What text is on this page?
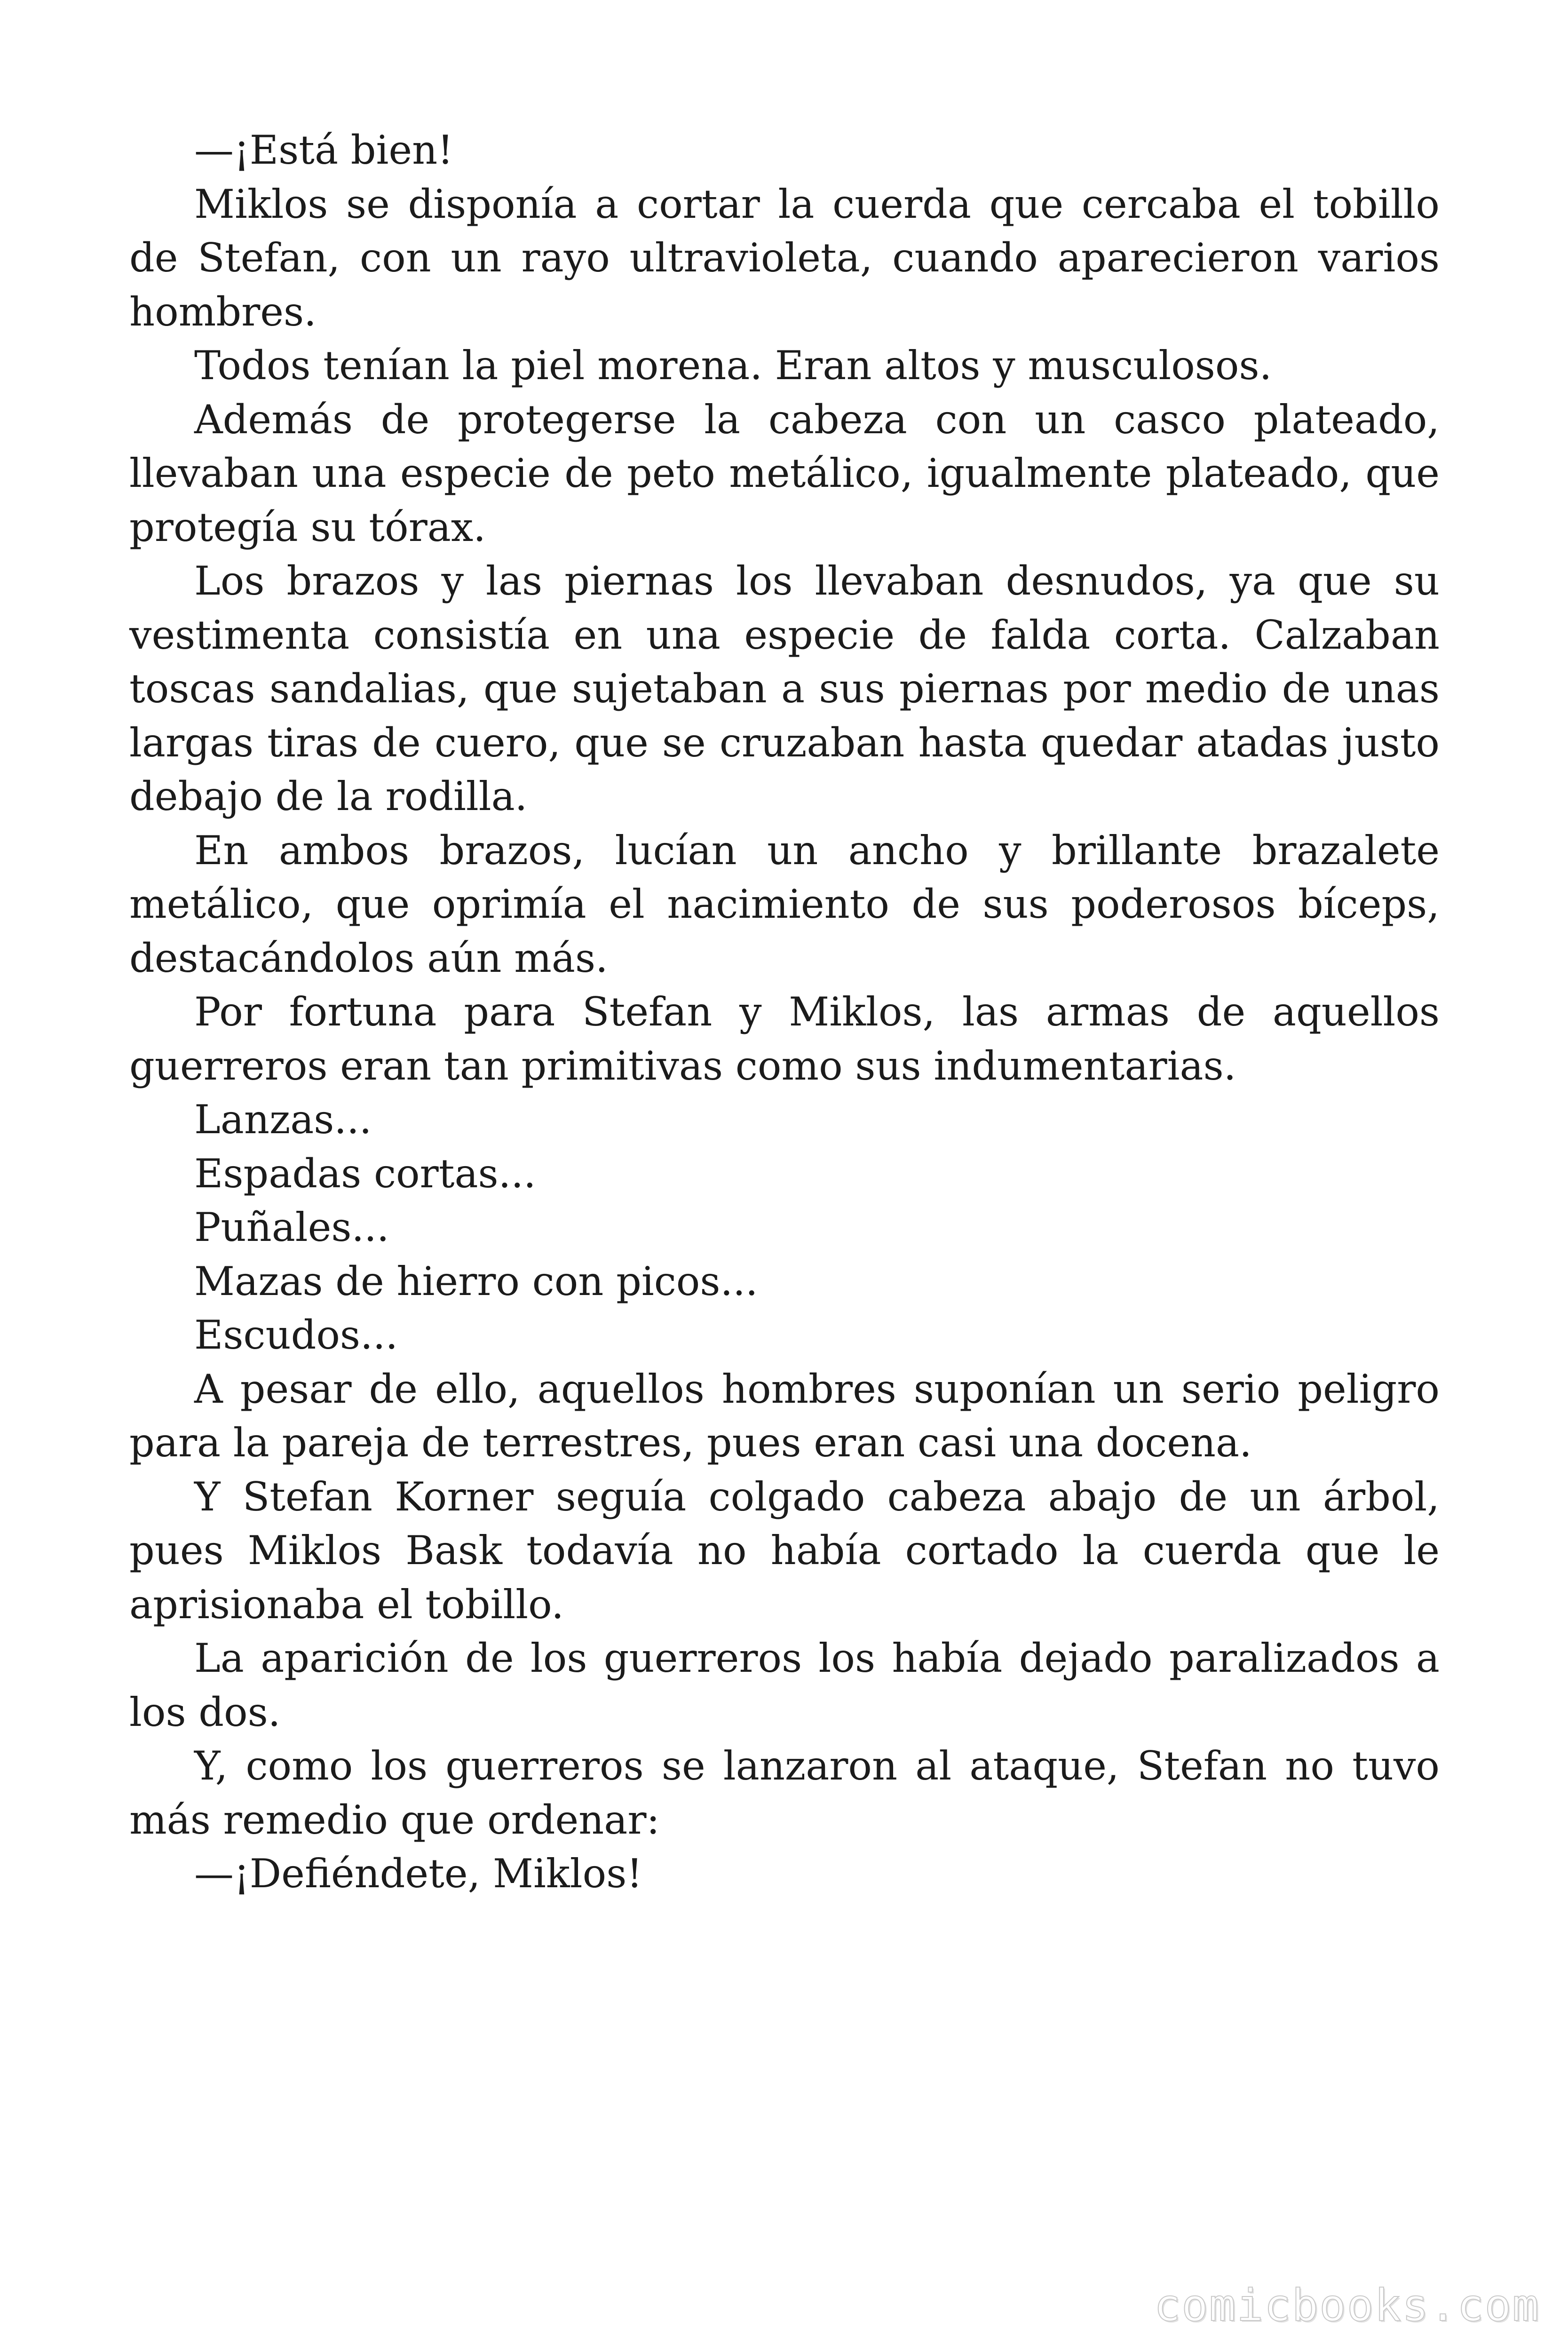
—¡Está bien!

Miklos se disponía a cortar la cuerda que cercaba el tobillo de Stefan, con un rayo ultravioleta, cuando aparecieron varios hombres.

Todos tenían la piel morena. Eran altos y musculosos.

Además de protegerse la cabeza con un casco plateado, llevaban una especie de peto metálico, igualmente plateado, que protegía su tórax.

Los brazos y las piernas los llevaban desnudos, ya que su vestimenta consistía en una especie de falda corta. Calzaban toscas sandalias, que sujetaban a sus piernas por medio de unas largas tiras de cuero, que se cruzaban hasta quedar atadas justo debajo de la rodilla.

En ambos brazos, lucían un ancho y brillante brazalete metálico, que oprimía el nacimiento de sus poderosos bíceps, destacándolos aún más.

Por fortuna para Stefan y Miklos, las armas de aquellos guerreros eran tan primitivas como sus indumentarias.

Lanzas...

Espadas cortas...

Puñales...

Mazas de hierro con picos...

Escudos...

A pesar de ello, aquellos hombres suponían un serio peligro para la pareja de terrestres, pues eran casi una docena.

Y Stefan Korner seguía colgado cabeza abajo de un árbol, pues Miklos Bask todavía no había cortado la cuerda que le aprisionaba el tobillo.

La aparición de los guerreros los había dejado paralizados a los dos.

Y, como los guerreros se lanzaron al ataque, Stefan no tuvo más remedio que ordenar:

—¡Defiéndete, Miklos!

comicbooks.com
